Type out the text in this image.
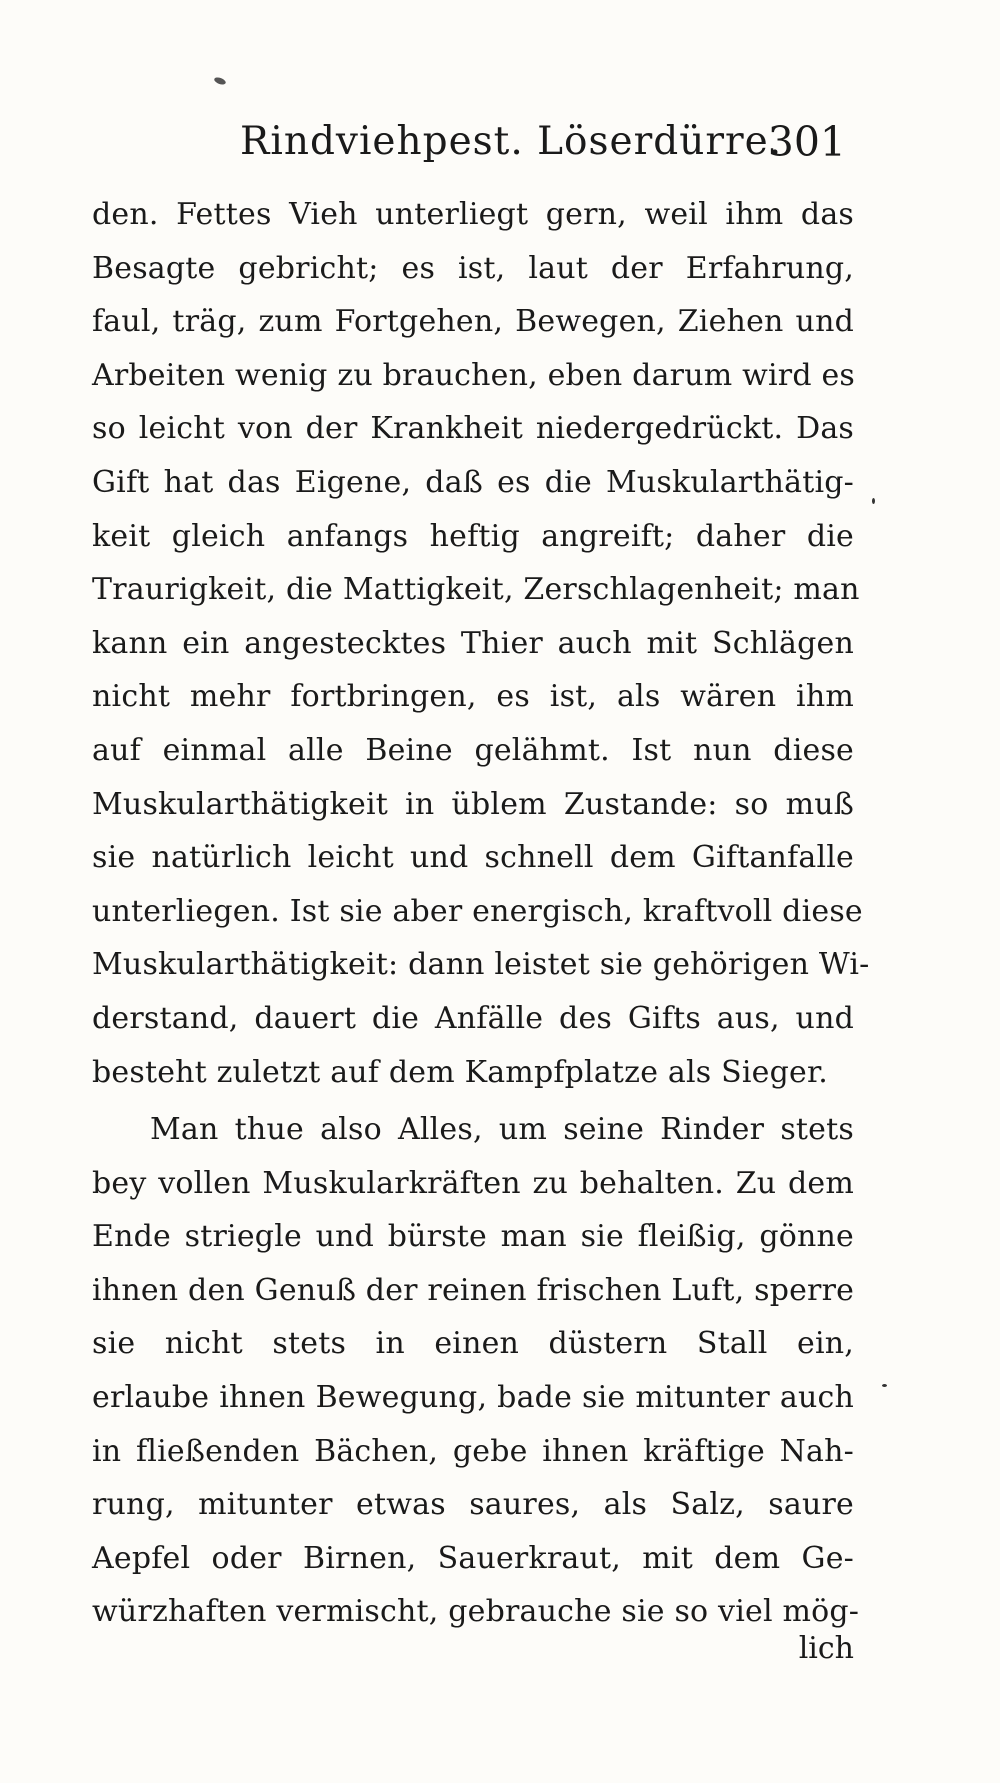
Rindviehpest. Löserdürre.
301
den. Fettes Vieh unterliegt gern, weil ihm das
Besagte gebricht; es ist, laut der Erfahrung,
faul, träg, zum Fortgehen, Bewegen, Ziehen und
Arbeiten wenig zu brauchen, eben darum wird es
so leicht von der Krankheit niedergedrückt. Das
Gift hat das Eigene, daß es die Muskularthätig-
keit gleich anfangs heftig angreift; daher die
Traurigkeit, die Mattigkeit, Zerschlagenheit; man
kann ein angestecktes Thier auch mit Schlägen
nicht mehr fortbringen, es ist, als wären ihm
auf einmal alle Beine gelähmt. Ist nun diese
Muskularthätigkeit in üblem Zustande: so muß
sie natürlich leicht und schnell dem Giftanfalle
unterliegen. Ist sie aber energisch, kraftvoll diese
Muskularthätigkeit: dann leistet sie gehörigen Wi-
derstand, dauert die Anfälle des Gifts aus, und
besteht zuletzt auf dem Kampfplatze als Sieger.
Man thue also Alles, um seine Rinder stets
bey vollen Muskularkräften zu behalten. Zu dem
Ende striegle und bürste man sie fleißig, gönne
ihnen den Genuß der reinen frischen Luft, sperre
sie nicht stets in einen düstern Stall ein,
erlaube ihnen Bewegung, bade sie mitunter auch
in fließenden Bächen, gebe ihnen kräftige Nah-
rung, mitunter etwas saures, als Salz, saure
Aepfel oder Birnen, Sauerkraut, mit dem Ge-
würzhaften vermischt, gebrauche sie so viel mög-
lich
